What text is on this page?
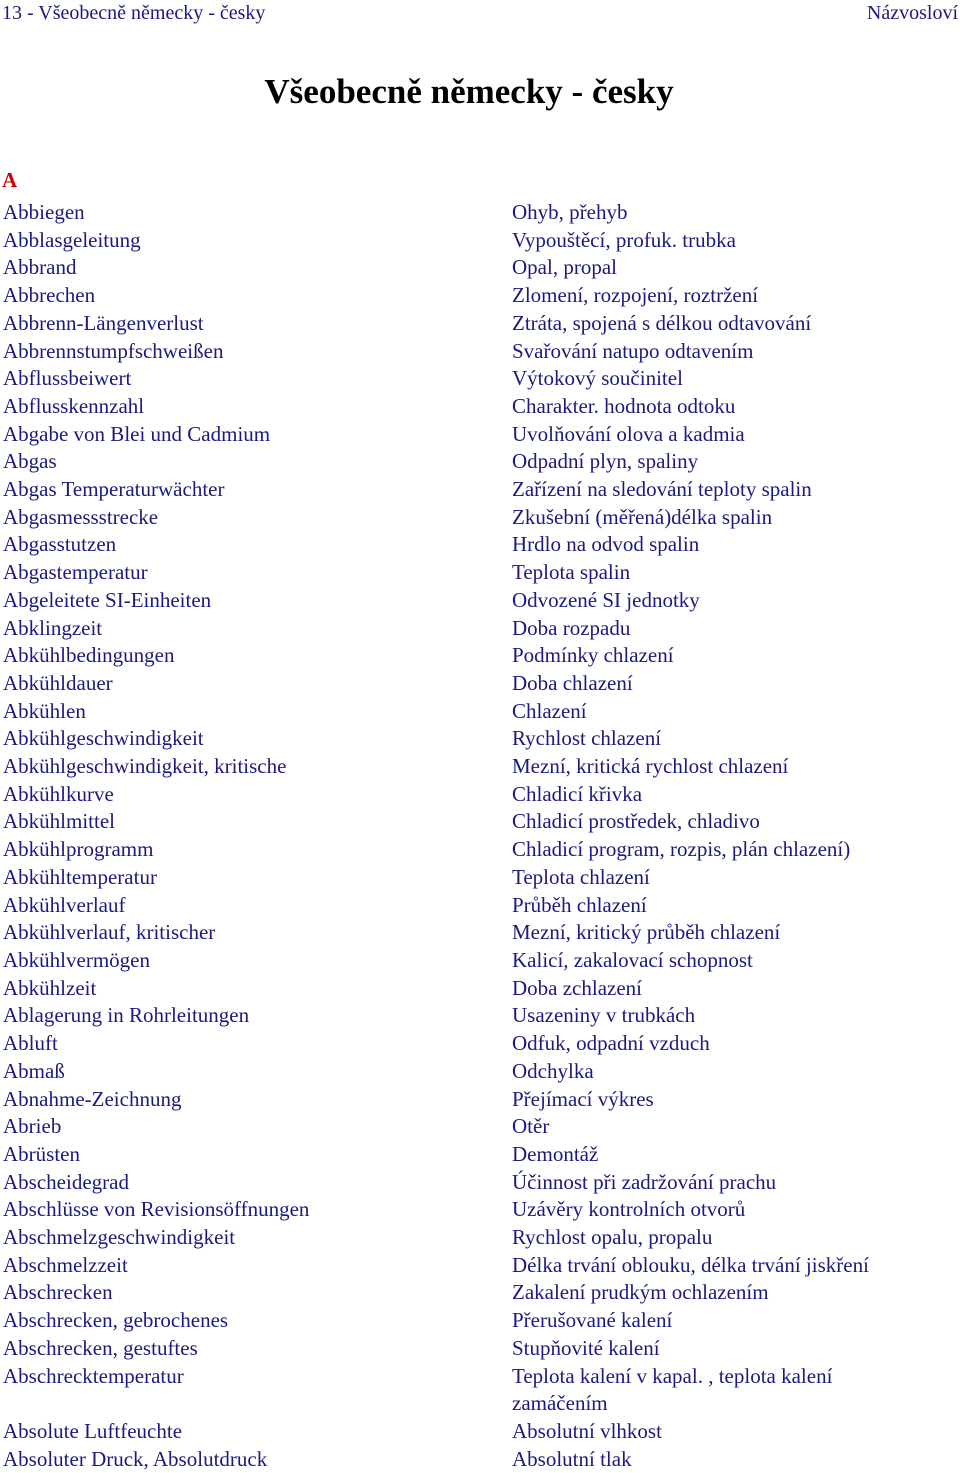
13 - Všeobecně německy - česky	Názvosloví
Všeobecně německy - česky
A
Abbiegen	Ohyb, přehyb
Abblasgeleitung	Vypouštěcí, profuk. trubka
Abbrand	Opal, propal
Abbrechen	Zlomení, rozpojení, roztržení
Abbrenn-Längenverlust	Ztráta, spojená s délkou odtavování
Abbrennstumpfschweißen	Svařování natupo odtavením
Abflussbeiwert	Výtokový součinitel
Abflusskennzahl	Charakter. hodnota odtoku
Abgabe von Blei und Cadmium	Uvolňování olova a kadmia
Abgas	Odpadní plyn, spaliny
Abgas Temperaturwächter	Zařízení na sledování teploty spalin
Abgasmessstrecke	Zkušební (měřená)délka spalin
Abgasstutzen	Hrdlo na odvod spalin
Abgastemperatur	Teplota spalin
Abgeleitete SI-Einheiten	Odvozené SI jednotky
Abklingzeit	Doba rozpadu
Abkühlbedingungen	Podmínky chlazení
Abkühldauer	Doba chlazení
Abkühlen	Chlazení
Abkühlgeschwindigkeit	Rychlost chlazení
Abkühlgeschwindigkeit, kritische	Mezní, kritická rychlost chlazení
Abkühlkurve	Chladicí křivka
Abkühlmittel	Chladicí prostředek, chladivo
Abkühlprogramm	Chladicí program, rozpis, plán chlazení)
Abkühltemperatur	Teplota chlazení
Abkühlverlauf	Průběh chlazení
Abkühlverlauf, kritischer	Mezní, kritický průběh chlazení
Abkühlvermögen	Kalicí, zakalovací schopnost
Abkühlzeit	Doba zchlazení
Ablagerung in Rohrleitungen	Usazeniny v trubkách
Abluft	Odfuk, odpadní vzduch
Abmaß	Odchylka
Abnahme-Zeichnung	Přejímací výkres
Abrieb	Otěr
Abrüsten	Demontáž
Abscheidegrad	Účinnost při zadržování prachu
Abschlüsse von Revisionsöffnungen	Uzávěry kontrolních otvorů
Abschmelzgeschwindigkeit	Rychlost opalu, propalu
Abschmelzzeit	Délka trvání oblouku, délka trvání jiskření
Abschrecken	Zakalení prudkým ochlazením
Abschrecken, gebrochenes	Přerušované kalení
Abschrecken, gestuftes	Stupňovité kalení
Abschrecktemperatur	Teplota kalení v kapal. , teplota kalení
zamáčením
Absolute Luftfeuchte	Absolutní vlhkost
Absoluter Druck, Absolutdruck	Absolutní tlak
